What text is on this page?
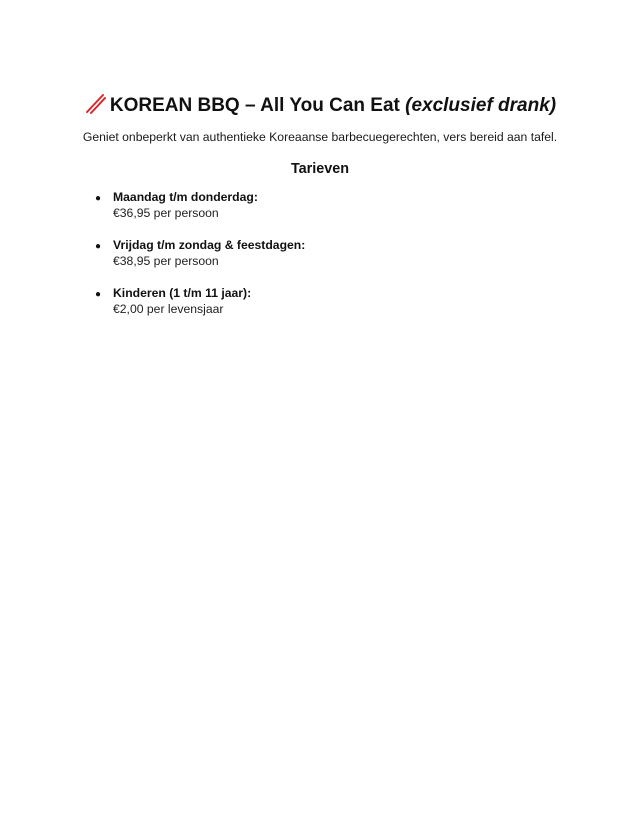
KOREAN BBQ – All You Can Eat (exclusief drank)
Geniet onbeperkt van authentieke Koreaanse barbecuegerechten, vers bereid aan tafel.
Tarieven
● Maandag t/m donderdag:
€36,95 per persoon
● Vrijdag t/m zondag & feestdagen:
€38,95 per persoon
● Kinderen (1 t/m 11 jaar):
€2,00 per levensjaar
